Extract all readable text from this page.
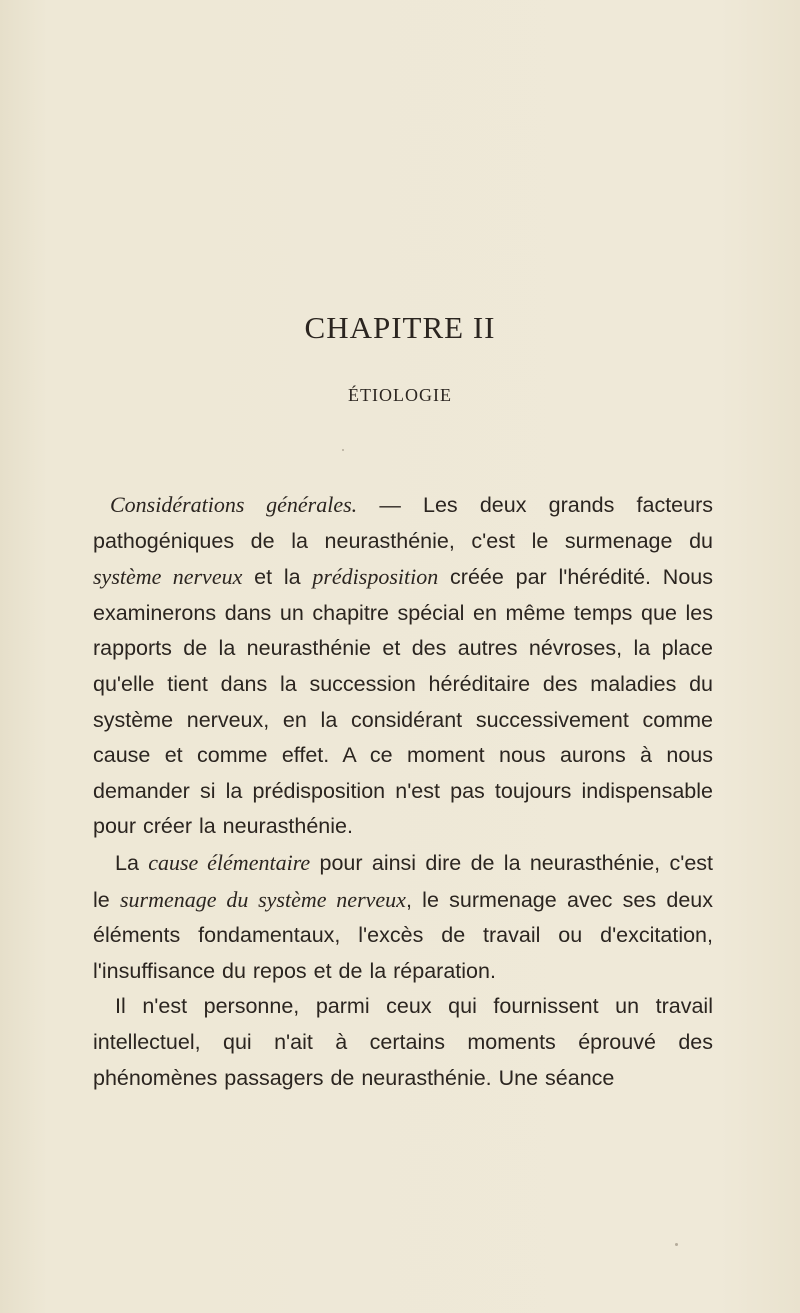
CHAPITRE II
ÉTIOLOGIE

Considérations générales. — Les deux grands facteurs pathogéniques de la neurasthénie, c'est le surmenage du système nerveux et la prédisposition créée par l'hérédité. Nous examinerons dans un chapitre spécial en même temps que les rapports de la neurasthénie et des autres névroses, la place qu'elle tient dans la succession héréditaire des maladies du système nerveux, en la considérant successivement comme cause et comme effet. A ce moment nous aurons à nous demander si la prédisposition n'est pas toujours indispensable pour créer la neurasthénie.

La cause élémentaire pour ainsi dire de la neurasthénie, c'est le surmenage du système nerveux, le surmenage avec ses deux éléments fondamentaux, l'excès de travail ou d'excitation, l'insuffisance du repos et de la réparation.

Il n'est personne, parmi ceux qui fournissent un travail intellectuel, qui n'ait à certains moments éprouvé des phénomènes passagers de neurasthénie. Une séance
